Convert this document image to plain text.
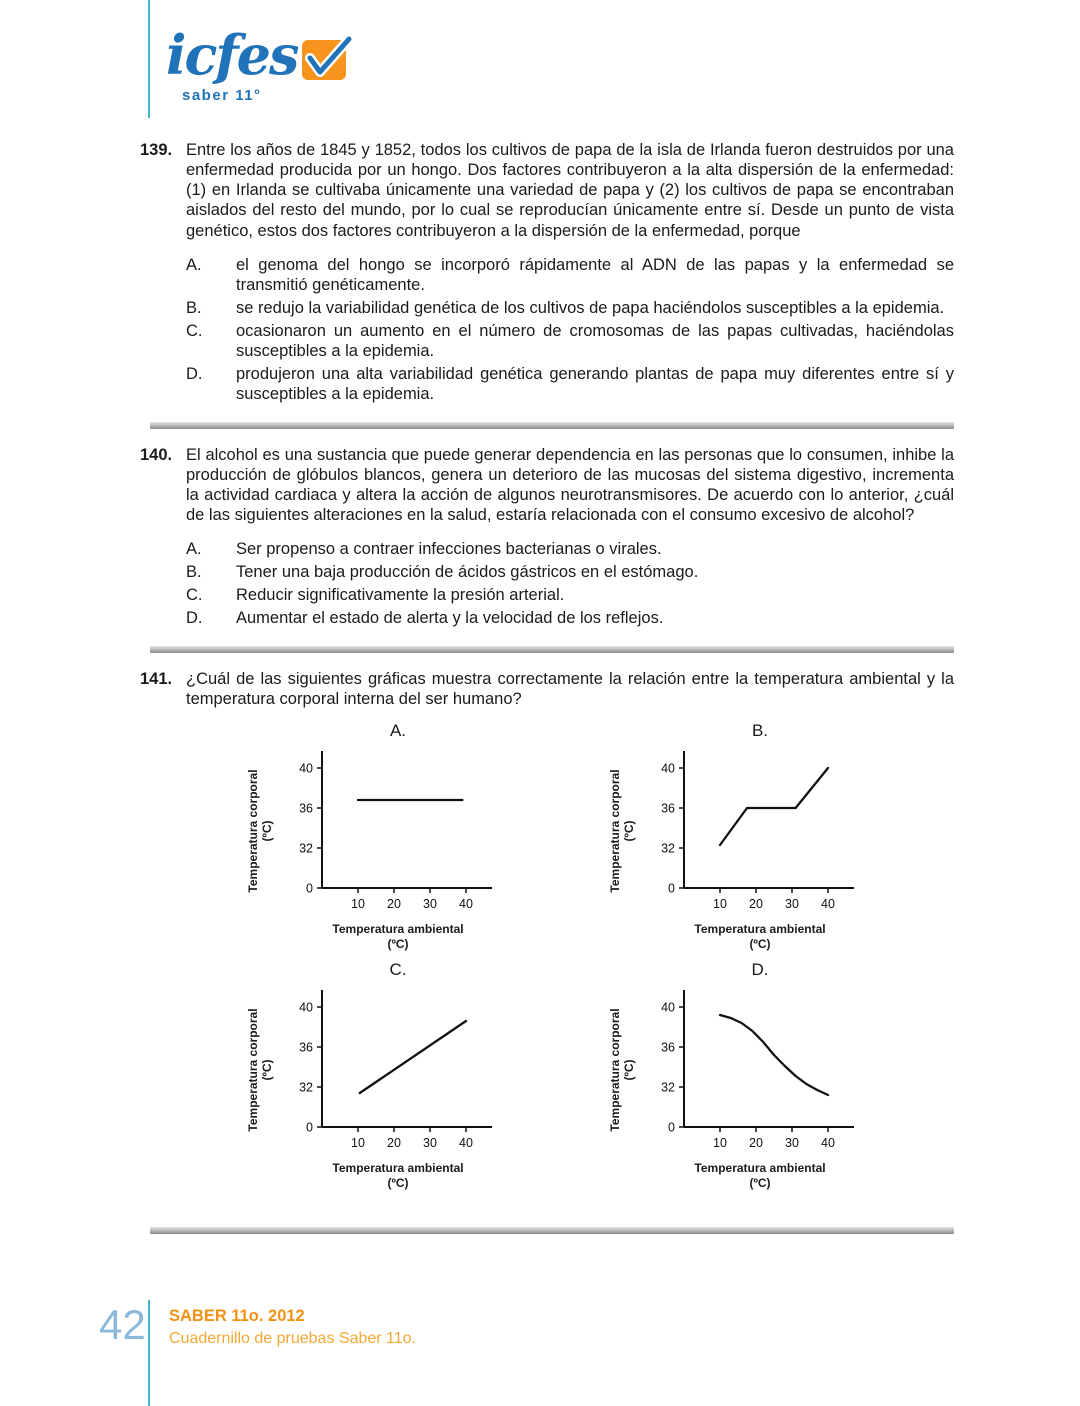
icfes
saber 11°
139. Entre los años de 1845 y 1852, todos los cultivos de papa de la isla de Irlanda fueron destruidos por una enfermedad producida por un hongo. Dos factores contribuyeron a la alta dispersión de la enfermedad: (1) en Irlanda se cultivaba únicamente una variedad de papa y (2) los cultivos de papa se encontraban aislados del resto del mundo, por lo cual se reproducían únicamente entre sí. Desde un punto de vista genético, estos dos factores contribuyeron a la dispersión de la enfermedad, porque

A.	el genoma del hongo se incorporó rápidamente al ADN de las papas y la enfermedad se transmitió genéticamente.
B.	se redujo la variabilidad genética de los cultivos de papa haciéndolos susceptibles a la epidemia.
C.	ocasionaron un aumento en el número de cromosomas de las papas cultivadas, haciéndolas susceptibles a la epidemia.
D.	produjeron una alta variabilidad genética generando plantas de papa muy diferentes entre sí y susceptibles a la epidemia.
140. El alcohol es una sustancia que puede generar dependencia en las personas que lo consumen, inhibe la producción de glóbulos blancos, genera un deterioro de las mucosas del sistema digestivo, incrementa la actividad cardiaca y altera la acción de algunos neurotransmisores. De acuerdo con lo anterior, ¿cuál de las siguientes alteraciones en la salud, estaría relacionada con el consumo excesivo de alcohol?

A.	Ser propenso a contraer infecciones bacterianas o virales.
B.	Tener una baja producción de ácidos gástricos en el estómago.
C.	Reducir significativamente la presión arterial.
D.	Aumentar el estado de alerta y la velocidad de los reflejos.
141. ¿Cuál de las siguientes gráficas muestra correctamente la relación entre la temperatura ambiental y la temperatura corporal interna del ser humano?

A.
Temperatura corporal (ºC)
40
36
32
0
10 20 30 40
Temperatura ambiental (ºC)
B.
Temperatura corporal (ºC)
40
36
32
0
10 20 30 40
Temperatura ambiental (ºC)
C.
Temperatura corporal (ºC)
40
36
32
0
10 20 30 40
Temperatura ambiental (ºC)
D.
Temperatura corporal (ºC)
40
36
32
0
10 20 30 40
Temperatura ambiental (ºC)
42	SABER 11o. 2012
Cuadernillo de pruebas Saber 11o.
